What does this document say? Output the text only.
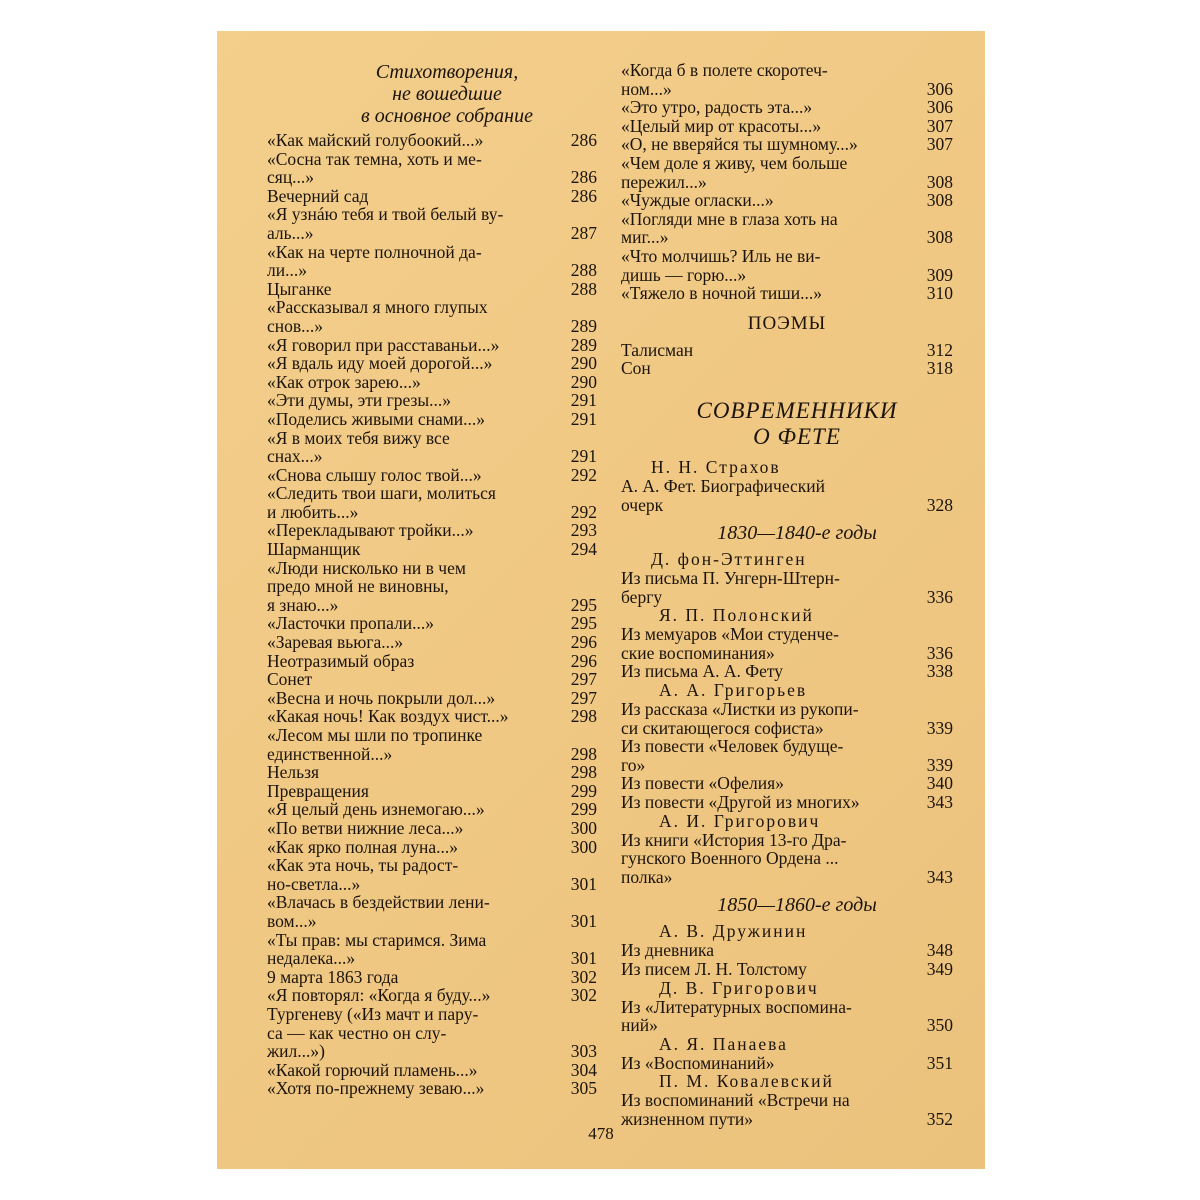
Стихотворения,
не вошедшие
в основное собрание
«Как майский голубоокий...»	286
«Сосна так темна, хоть и ме-
сяц...»	286
Вечерний сад	286
«Я узнáю тебя и твой белый ву-
аль...»	287
«Как на черте полночной да-
ли...»	288
Цыганке	288
«Рассказывал я много глупых
снов...»	289
«Я говорил при расставаньи...»	289
«Я вдаль иду моей дорогой...»	290
«Как отрок зарею...»	290
«Эти думы, эти грезы...»	291
«Поделись живыми снами...»	291
«Я в моих тебя вижу все
снах...»	291
«Снова слышу голос твой...»	292
«Следить твои шаги, молиться
и любить...»	292
«Перекладывают тройки...»	293
Шарманщик	294
«Люди нисколько ни в чем
предо мной не виновны,
я знаю...»	295
«Ласточки пропали...»	295
«Заревая вьюга...»	296
Неотразимый образ	296
Сонет	297
«Весна и ночь покрыли дол...»	297
«Какая ночь! Как воздух чист...»	298
«Лесом мы шли по тропинке
единственной...»	298
Нельзя	298
Превращения	299
«Я целый день изнемогаю...»	299
«По ветви нижние леса...»	300
«Как ярко полная луна...»	300
«Как эта ночь, ты радост-
но-светла...»	301
«Влачась в бездействии лени-
вом...»	301
«Ты прав: мы старимся. Зима
недалека...»	301
9 марта 1863 года	302
«Я повторял: «Когда я буду...»	302
Тургеневу («Из мачт и пару-
са — как честно он слу-
жил...»)	303
«Какой горючий пламень...»	304
«Хотя по-прежнему зеваю...»	305
«Когда б в полете скоротеч-
ном...»	306
«Это утро, радость эта...»	306
«Целый мир от красоты...»	307
«О, не вверяйся ты шумному...»	307
«Чем доле я живу, чем больше
пережил...»	308
«Чуждые огласки...»	308
«Погляди мне в глаза хоть на
миг...»	308
«Что молчишь? Иль не ви-
дишь — горю...»	309
«Тяжело в ночной тиши...»	310
ПОЭМЫ
Талисман	312
Сон	318
СОВРЕМЕННИКИ
О ФЕТЕ
Н. Н. Страхов
А. А. Фет. Биографический
очерк	328
1830—1840-е годы
Д. фон-Эттинген
Из письма П. Унгерн-Штерн-
бергу	336
Я. П. Полонский
Из мемуаров «Мои студенче-
ские воспоминания»	336
Из письма А. А. Фету	338
А. А. Григорьев
Из рассказа «Листки из рукопи-
си скитающегося софиста»	339
Из повести «Человек будуще-
го»	339
Из повести «Офелия»	340
Из повести «Другой из многих»	343
А. И. Григорович
Из книги «История 13-го Дра-
гунского Военного Ордена ...
полка»	343
1850—1860-е годы
А. В. Дружинин
Из дневника	348
Из писем Л. Н. Толстому	349
Д. В. Григорович
Из «Литературных воспомина-
ний»	350
А. Я. Панаева
Из «Воспоминаний»	351
П. М. Ковалевский
Из воспоминаний «Встречи на
жизненном пути»	352
478
